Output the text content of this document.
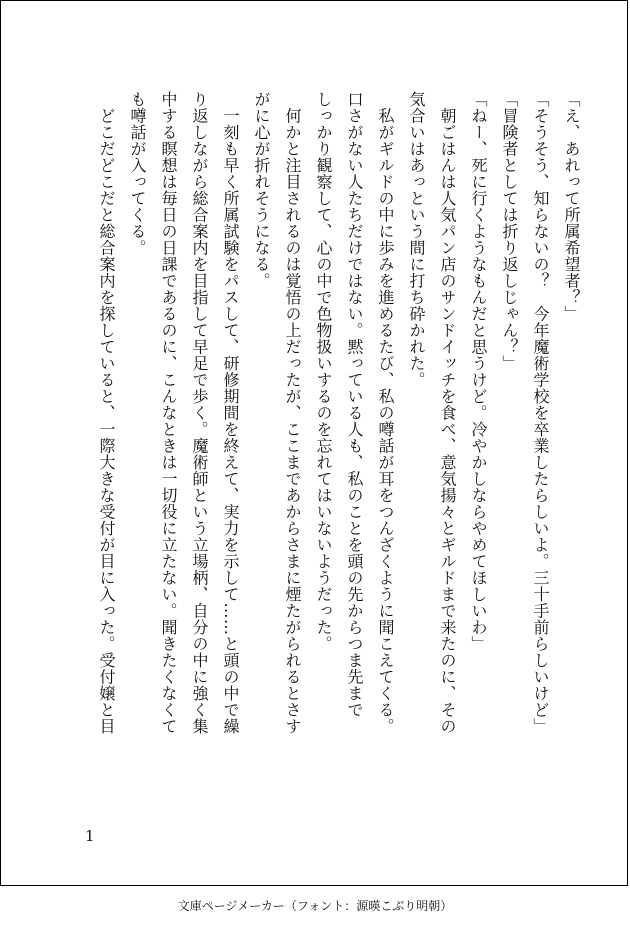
「え、あれって所属希望者？」

「そうそう、知らないの？　今年魔術学校を卒業したらしいよ。三十手前らしいけど」

「冒険者としては折り返しじゃん？」

「ねー、死に行くようなもんだと思うけど。冷やかしならやめてほしいわ」

　朝ごはんは人気パン店のサンドイッチを食べ、意気揚々とギルドまで来たのに、その

気合いはあっという間に打ち砕かれた。

　私がギルドの中に歩みを進めるたび、私の噂話が耳をつんざくように聞こえてくる。

口さがない人たちだけではない。黙っている人も、私のことを頭の先からつま先まで

しっかり観察して、心の中で色物扱いするのを忘れてはいないようだった。

　何かと注目されるのは覚悟の上だったが、ここまであからさまに煙たがられるとさす

がに心が折れそうになる。

　一刻も早く所属試験をパスして、研修期間を終えて、実力を示して……と頭の中で繰

り返しながら総合案内を目指して早足で歩く。魔術師という立場柄、自分の中に強く集

中する瞑想は毎日の日課であるのに、こんなときは一切役に立たない。聞きたくなくて

も噂話が入ってくる。

　どこだどこだと総合案内を探していると、一際大きな受付が目に入った。受付嬢と目

1
文庫ページメーカー（フォント：源暎こぶり明朝）
